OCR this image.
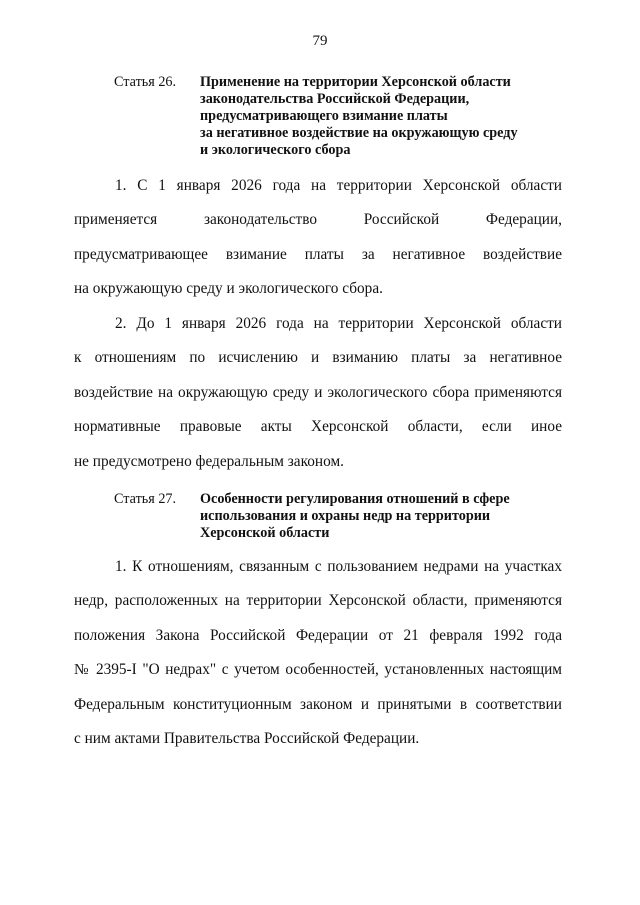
79
Статья 26. Применение на территории Херсонской области
законодательства Российской Федерации,
предусматривающего взимание платы
за негативное воздействие на окружающую среду
и экологического сбора
1. С 1 января 2026 года на территории Херсонской области
применяется законодательство Российской Федерации,
предусматривающее взимание платы за негативное воздействие
на окружающую среду и экологического сбора.
2. До 1 января 2026 года на территории Херсонской области
к отношениям по исчислению и взиманию платы за негативное
воздействие на окружающую среду и экологического сбора применяются
нормативные правовые акты Херсонской области, если иное
не предусмотрено федеральным законом.
Статья 27. Особенности регулирования отношений в сфере
использования и охраны недр на территории
Херсонской области
1. К отношениям, связанным с пользованием недрами на участках
недр, расположенных на территории Херсонской области, применяются
положения Закона Российской Федерации от 21 февраля 1992 года
№ 2395-I "О недрах" с учетом особенностей, установленных настоящим
Федеральным конституционным законом и принятыми в соответствии
с ним актами Правительства Российской Федерации.
